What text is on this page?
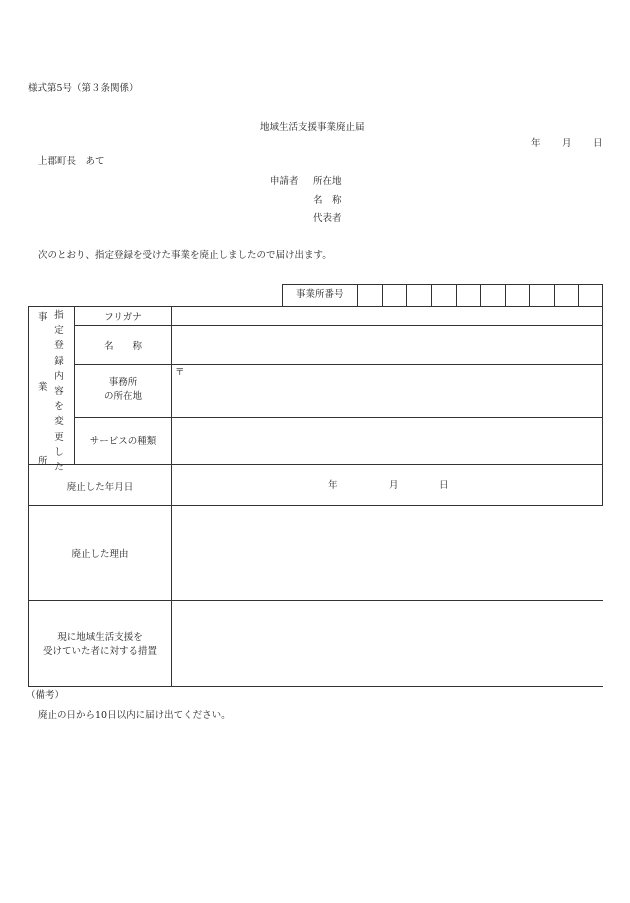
様式第5号（第３条関係）
地域生活支援事業廃止届
年 月 日
上郡町長　あて
申請者 所在地
名　称
代表者
次のとおり、指定登録を受けた事業を廃止しましたので届け出ます。
事業所番号
事
業
所
指
定
登
録
内
容
を
変
更
し
た
フリガナ
名　　称
事務所
の所在地
〒
サービスの種類
廃止した年月日	年	月	日
廃止した理由
現に地域生活支援を
受けていた者に対する措置
（備考）
廃止の日から10日以内に届け出てください。
